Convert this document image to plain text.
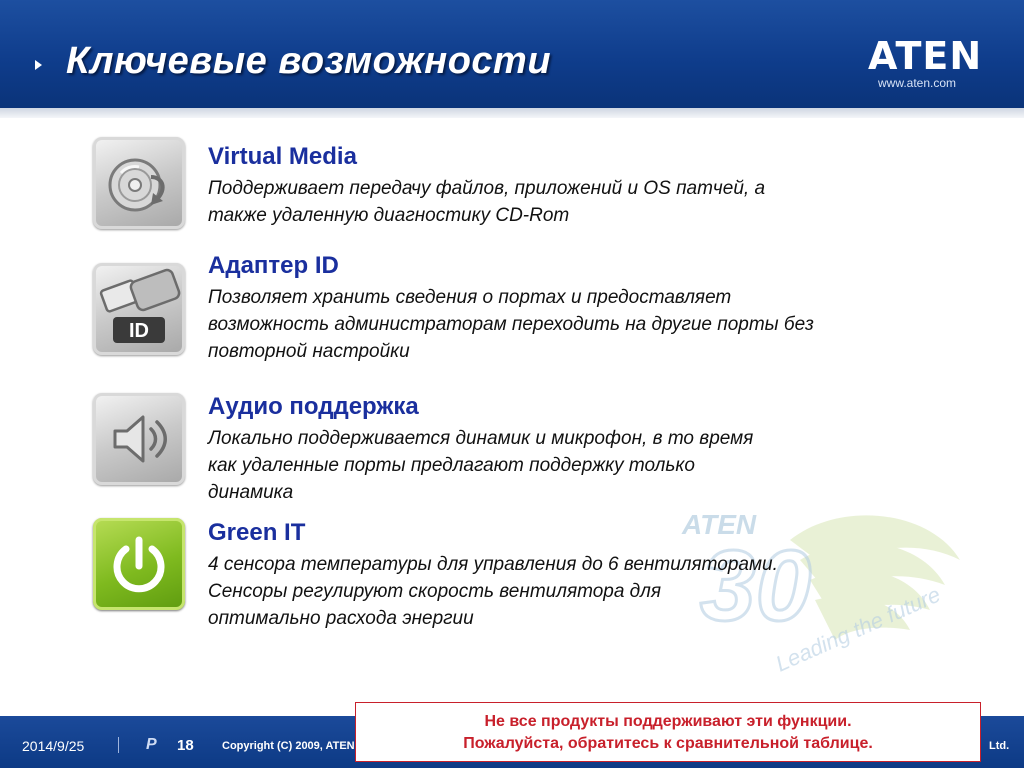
Ключевые возможности	ATEN
www.aten.com
ATEN
30
Leading the future
Virtual Media
Поддерживает передачу файлов, приложений и OS патчей, а
также удаленную диагностику CD-Rom
ID
Адаптер ID
Позволяет хранить сведения о портах и предоставляет
возможность администраторам переходить на другие порты без
повторной настройки
Аудио поддержка
Локально поддерживается динамик и микрофон, в то время
как удаленные порты предлагают поддержку только
динамика
Green IT
4 сенсора температуры для управления до 6 вентиляторами.
Сенсоры регулируют скорость вентилятора для
оптимально расхода энергии
2014/9/25	P 18	Copyright (C) 2009, ATEN	Ltd.
Не все продукты поддерживают эти функции.
Пожалуйста, обратитесь к сравнительной таблице.
